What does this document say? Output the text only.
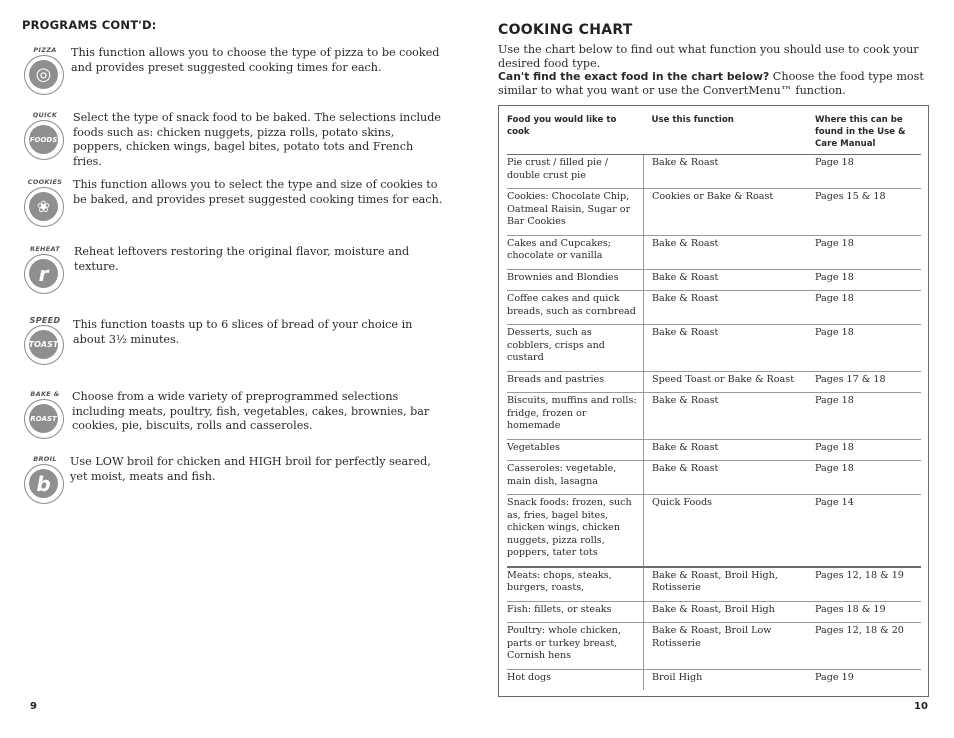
PROGRAMS CONT'D:
PIZZA
◎
This function allows you to choose the type of pizza to be cooked and provides preset suggested cooking times for each.
QUICK
FOODS
Select the type of snack food to be baked. The selections include foods such as: chicken nuggets, pizza rolls, potato skins, poppers, chicken wings, bagel bites, potato tots and French fries.
COOKIES
❀
This function allows you to select the type and size of cookies to be baked, and provides preset suggested cooking times for each.
REHEAT
r
Reheat leftovers restoring the original flavor, moisture and texture.
SPEED
TOAST
This function toasts up to 6 slices of bread of your choice in about 3½ minutes.
BAKE &
ROAST
Choose from a wide variety of preprogrammed selections including meats, poultry, fish, vegetables, cakes, brownies, bar cookies, pie, biscuits, rolls and casseroles.
BROIL
b
Use LOW broil for chicken and HIGH broil for perfectly seared, yet moist, meats and fish.
9
COOKING CHART
Use the chart below to find out what function you should use to cook your desired food type.
Can't find the exact food in the chart below? Choose the food type most similar to what you want or use the ConvertMenu™ function.
Food you would like to cook	Use this function	Where this can be found in the Use & Care Manual
Pie crust / filled pie / double crust pie	Bake & Roast	Page 18
Cookies: Chocolate Chip, Oatmeal Raisin, Sugar or Bar Cookies	Cookies or Bake & Roast	Pages 15 & 18
Cakes and Cupcakes; chocolate or vanilla	Bake & Roast	Page 18
Brownies and Blondies	Bake & Roast	Page 18
Coffee cakes and quick breads, such as cornbread	Bake & Roast	Page 18
Desserts, such as cobblers, crisps and custard	Bake & Roast	Page 18
Breads and pastries	Speed Toast or Bake & Roast	Pages 17 & 18
Biscuits, muffins and rolls: fridge, frozen or homemade	Bake & Roast	Page 18
Vegetables	Bake & Roast	Page 18
Casseroles: vegetable, main dish, lasagna	Bake & Roast	Page 18
Snack foods: frozen, such as, fries, bagel bites, chicken wings, chicken nuggets, pizza rolls, poppers, tater tots	Quick Foods	Page 14
Meats: chops, steaks, burgers, roasts,	Bake & Roast, Broil High, Rotisserie	Pages 12, 18 & 19
Fish: fillets, or steaks	Bake & Roast, Broil High	Pages 18 & 19
Poultry: whole chicken, parts or turkey breast, Cornish hens	Bake & Roast, Broil Low Rotisserie	Pages 12, 18 & 20
Hot dogs	Broil High	Page 19
10
